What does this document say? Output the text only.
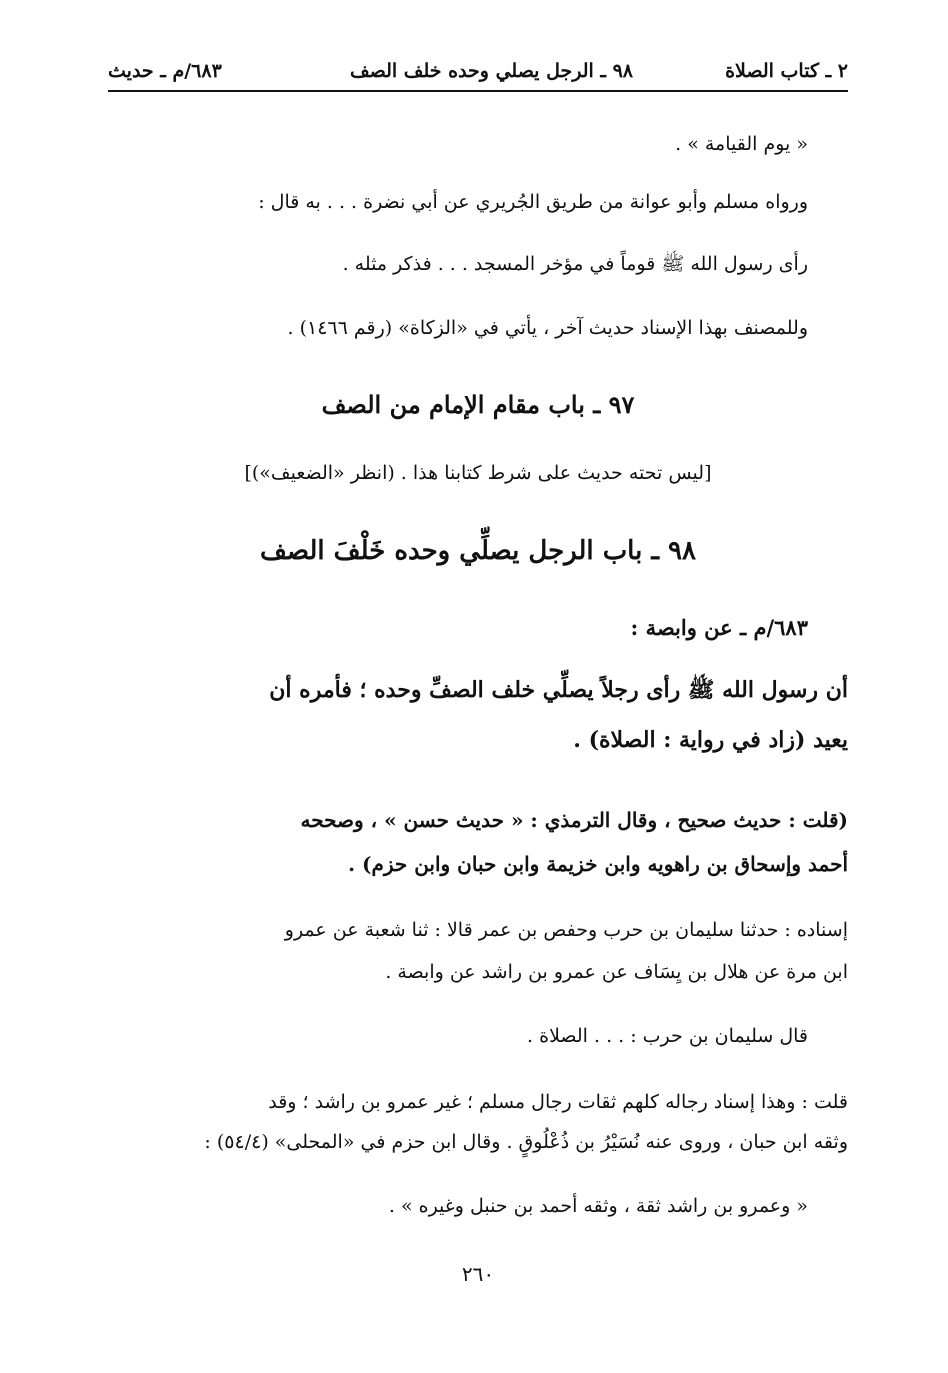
٢ ـ كتاب الصلاة
٩٨ ـ الرجل يصلي وحده خلف الصف
٦٨٣/م ـ حديث
« يوم القيامة » .
ورواه مسلم وأبو عوانة من طريق الجُريري عن أبي نضرة . . . به قال :
رأى رسول الله ﷺ قوماً في مؤخر المسجد . . . فذكر مثله .
وللمصنف بهذا الإسناد حديث آخر ، يأتي في «الزكاة» (رقم ١٤٦٦) .
٩٧ ـ باب مقام الإمام من الصف
[ليس تحته حديث على شرط كتابنا هذا . (انظر «الضعيف»)]
٩٨ ـ باب الرجل يصلِّي وحده خَلْفَ الصف
٦٨٣/م ـ عن وابصة :
أن رسول الله ﷺ رأى رجلاً يصلِّي خلف الصفِّ وحده ؛ فأمره أن
يعيد (زاد في رواية : الصلاة) .
(قلت : حديث صحيح ، وقال الترمذي : « حديث حسن » ، وصححه
أحمد وإسحاق بن راهويه وابن خزيمة وابن حبان وابن حزم) .
إسناده : حدثنا سليمان بن حرب وحفص بن عمر قالا : ثنا شعبة عن عمرو
ابن مرة عن هلال بن يِسَاف عن عمرو بن راشد عن وابصة .
قال سليمان بن حرب : . . . الصلاة .
قلت : وهذا إسناد رجاله كلهم ثقات رجال مسلم ؛ غير عمرو بن راشد ؛ وقد
وثقه ابن حبان ، وروى عنه نُسَيْرُ بن ذُعْلُوقٍ . وقال ابن حزم في «المحلى» (٥٤/٤) :
« وعمرو بن راشد ثقة ، وثقه أحمد بن حنبل وغيره » .
٢٦٠
